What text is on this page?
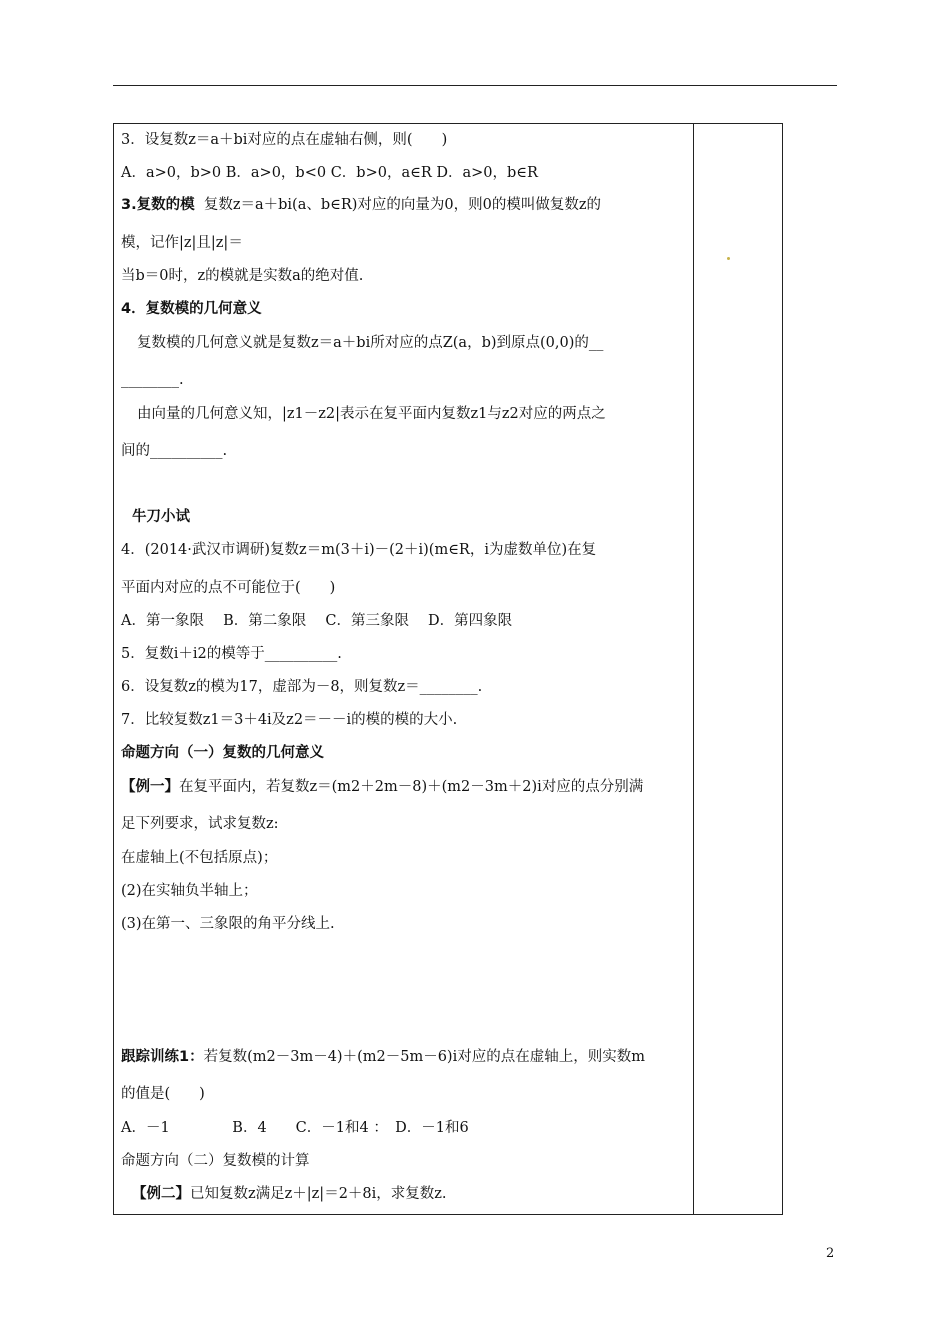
3．设复数z＝a＋bi对应的点在虚轴右侧，则(　　)
A．a>0，b>0 B．a>0，b<0 C．b>0，a∈R D．a>0，b∈R
3.复数的模 复数z＝a＋bi(a、b∈R)对应的向量为0，则0的模叫做复数z的
模，记作|z|且|z|＝
当b＝0时，z的模就是实数a的绝对值.
4．复数模的几何意义
复数模的几何意义就是复数z＝a＋bi所对应的点Z(a，b)到原点(0,0)的__
________.
由向量的几何意义知，|z1－z2|表示在复平面内复数z1与z2对应的两点之
间的__________.
牛刀小试
4．(2014·武汉市调研)复数z＝m(3＋i)－(2＋i)(m∈R，i为虚数单位)在复
平面内对应的点不可能位于(　　)
A．第一象限　 B．第二象限　 C．第三象限　 D．第四象限
5．复数i＋i2的模等于__________.
6．设复数z的模为17，虚部为－8，则复数z＝________.
7．比较复数z1＝3＋4i及z2＝－－i的模的模的大小.
命题方向（一）复数的几何意义
【例一】在复平面内，若复数z＝(m2＋2m－8)＋(m2－3m＋2)i对应的点分别满
足下列要求，试求复数z:
在虚轴上(不包括原点)；
(2)在实轴负半轴上；
(3)在第一、三象限的角平分线上.
跟踪训练1：若复数(m2－3m－4)＋(m2－5m－6)i对应的点在虚轴上，则实数m
的值是(　　)
A．－1　　　　 B．4　　C．－1和4 ：　D．－1和6
命题方向（二）复数模的计算
【例二】已知复数z满足z＋|z|＝2＋8i，求复数z.
2
